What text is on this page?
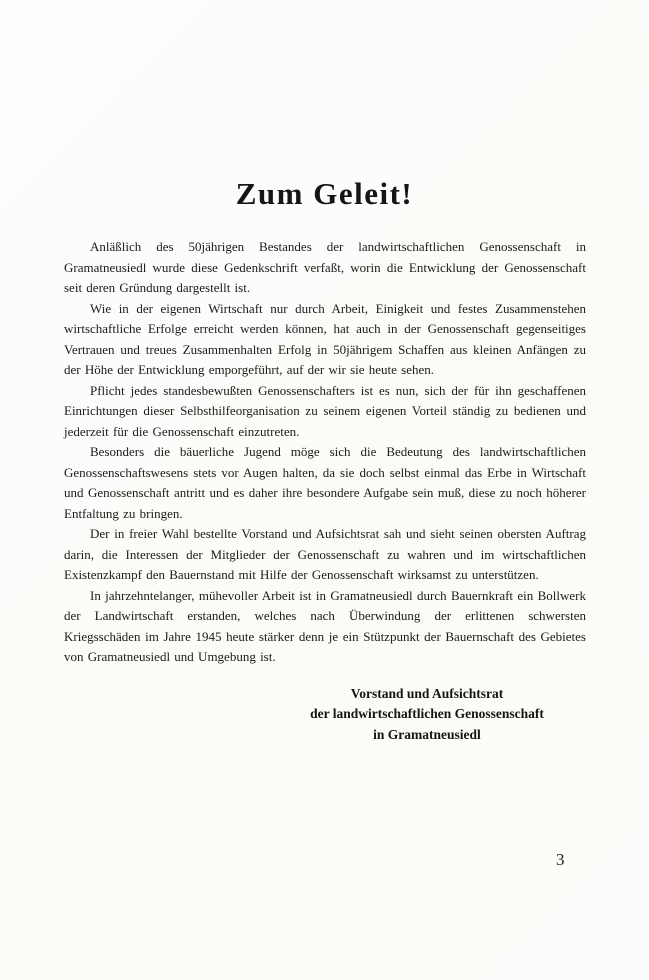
Zum Geleit!

Anläßlich des 50jährigen Bestandes der landwirtschaftlichen Genossenschaft in Gramatneusiedl wurde diese Gedenkschrift verfaßt, worin die Entwicklung der Genossenschaft seit deren Gründung dargestellt ist.

Wie in der eigenen Wirtschaft nur durch Arbeit, Einigkeit und festes Zusammenstehen wirtschaftliche Erfolge erreicht werden können, hat auch in der Genossenschaft gegenseitiges Vertrauen und treues Zusammenhalten Erfolg in 50jährigem Schaffen aus kleinen Anfängen zu der Höhe der Entwicklung emporgeführt, auf der wir sie heute sehen.

Pflicht jedes standesbewußten Genossenschafters ist es nun, sich der für ihn geschaffenen Einrichtungen dieser Selbsthilfeorganisation zu seinem eigenen Vorteil ständig zu bedienen und jederzeit für die Genossenschaft einzutreten.

Besonders die bäuerliche Jugend möge sich die Bedeutung des landwirtschaftlichen Genossenschaftswesens stets vor Augen halten, da sie doch selbst einmal das Erbe in Wirtschaft und Genossenschaft antritt und es daher ihre besondere Aufgabe sein muß, diese zu noch höherer Entfaltung zu bringen.

Der in freier Wahl bestellte Vorstand und Aufsichtsrat sah und sieht seinen obersten Auftrag darin, die Interessen der Mitglieder der Genossenschaft zu wahren und im wirtschaftlichen Existenzkampf den Bauernstand mit Hilfe der Genossenschaft wirksamst zu unterstützen.

In jahrzehntelanger, mühevoller Arbeit ist in Gramatneusiedl durch Bauernkraft ein Bollwerk der Landwirtschaft erstanden, welches nach Überwindung der erlittenen schwersten Kriegsschäden im Jahre 1945 heute stärker denn je ein Stützpunkt der Bauernschaft des Gebietes von Gramatneusiedl und Umgebung ist.

Vorstand und Aufsichtsrat
der landwirtschaftlichen Genossenschaft
in Gramatneusiedl
3
